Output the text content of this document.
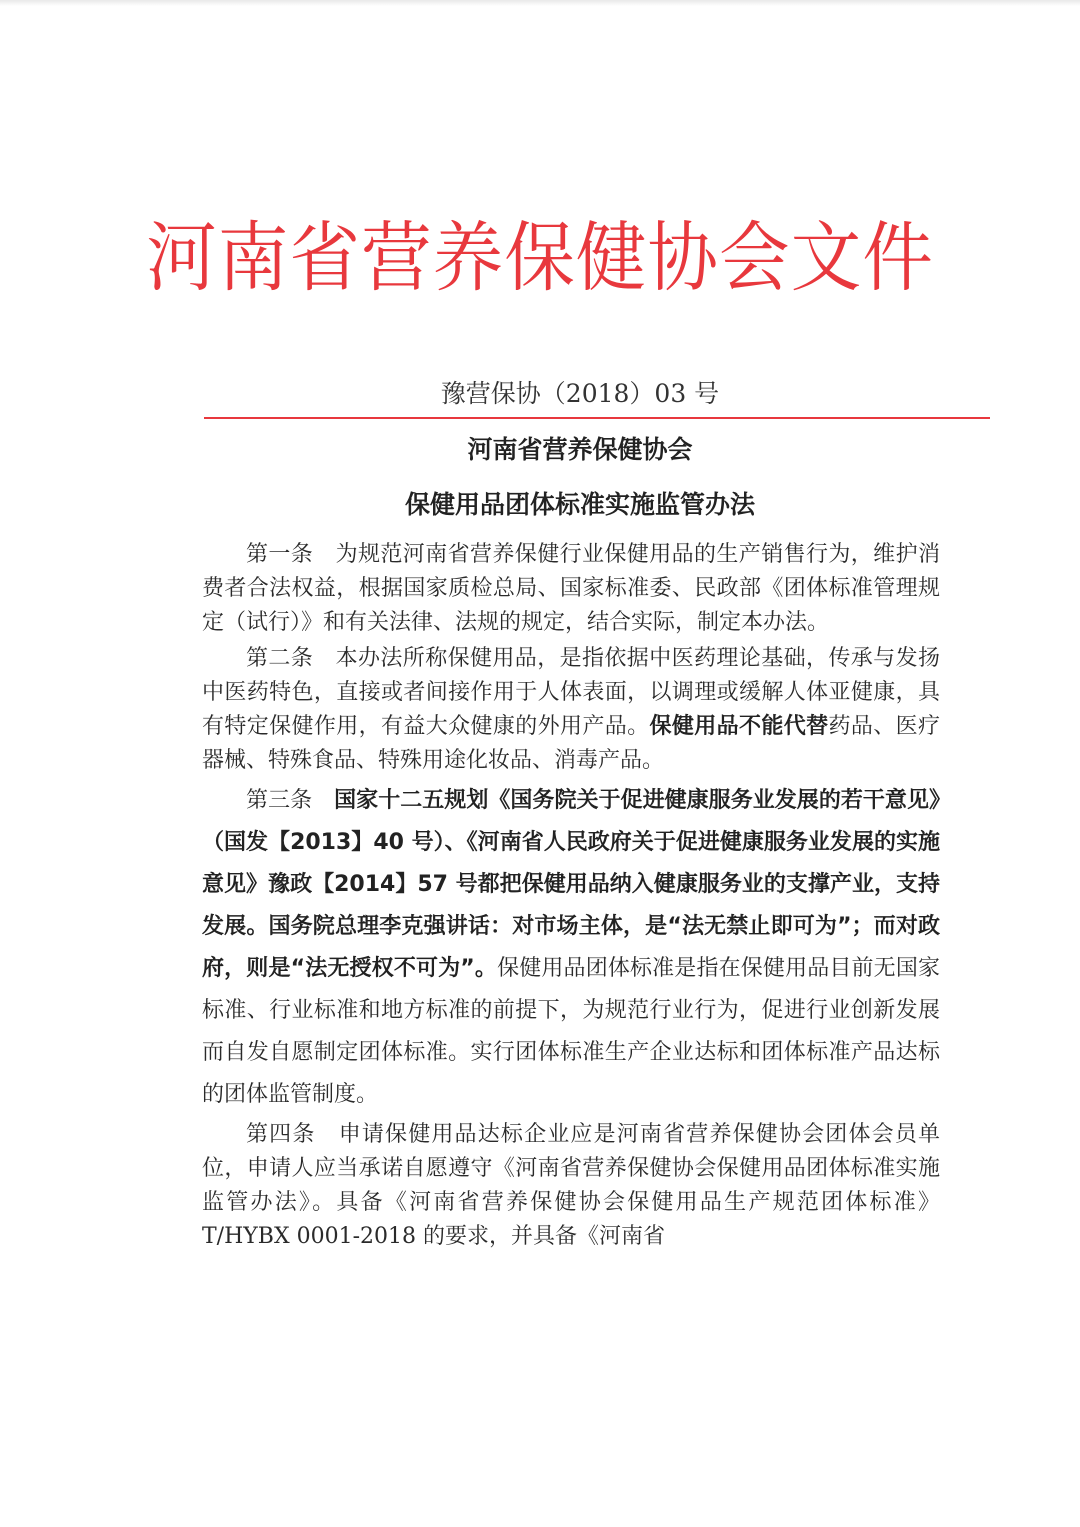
河南省营养保健协会文件
豫营保协（2018）03 号
河南省营养保健协会
保健用品团体标准实施监管办法

第一条　为规范河南省营养保健行业保健用品的生产销售行为，维护消费者合法权益，根据国家质检总局、国家标准委、民政部《团体标准管理规定（试行）》和有关法律、法规的规定，结合实际，制定本办法。

第二条　本办法所称保健用品，是指依据中医药理论基础，传承与发扬中医药特色，直接或者间接作用于人体表面，以调理或缓解人体亚健康，具有特定保健作用，有益大众健康的外用产品。保健用品不能代替药品、医疗器械、特殊食品、特殊用途化妆品、消毒产品。

第三条　国家十二五规划《国务院关于促进健康服务业发展的若干意见》（国发【2013】40 号）、《河南省人民政府关于促进健康服务业发展的实施意见》豫政【2014】57 号都把保健用品纳入健康服务业的支撑产业，支持发展。国务院总理李克强讲话：对市场主体，是“法无禁止即可为”；而对政府，则是“法无授权不可为”。保健用品团体标准是指在保健用品目前无国家标准、行业标准和地方标准的前提下，为规范行业行为，促进行业创新发展而自发自愿制定团体标准。实行团体标准生产企业达标和团体标准产品达标的团体监管制度。

第四条　申请保健用品达标企业应是河南省营养保健协会团体会员单位，申请人应当承诺自愿遵守《河南省营养保健协会保健用品团体标准实施监管办法》。具备《河南省营养保健协会保健用品生产规范团体标准》 T/HYBX 0001-2018 的要求，并具备《河南省
